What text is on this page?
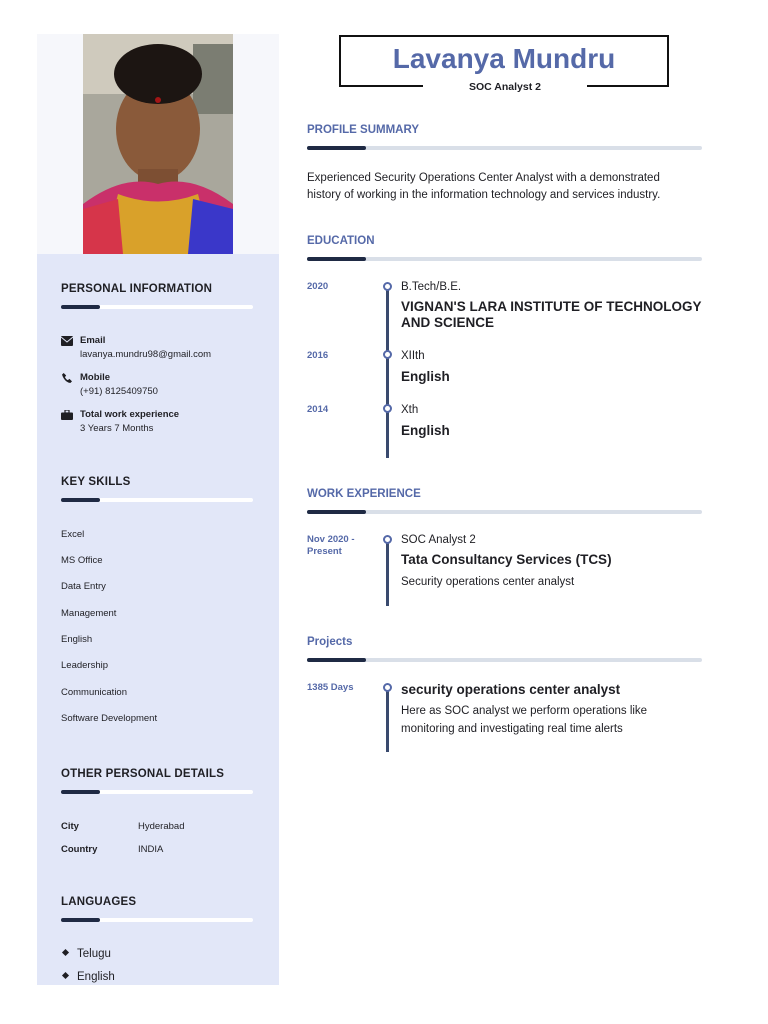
PERSONAL INFORMATION
Email
lavanya.mundru98@gmail.com
Mobile
(+91) 8125409750
Total work experience
3 Years 7 Months
KEY SKILLS
Excel
MS Office
Data Entry
Management
English
Leadership
Communication
Software Development
OTHER PERSONAL DETAILS
City	Hyderabad
Country	INDIA
LANGUAGES
Telugu
English
Lavanya Mundru
SOC Analyst 2
PROFILE SUMMARY
Experienced Security Operations Center Analyst with a demonstrated
history of working in the information technology and services industry.
EDUCATION
2020	B.Tech/B.E.
VIGNAN'S LARA INSTITUTE OF TECHNOLOGY
AND SCIENCE
2016	XIIth
English
2014	Xth
English
WORK EXPERIENCE
Nov 2020 -
Present
SOC Analyst 2
Tata Consultancy Services (TCS)
Security operations center analyst
Projects
1385 Days	security operations center analyst
Here as SOC analyst we perform operations like
monitoring and investigating real time alerts
